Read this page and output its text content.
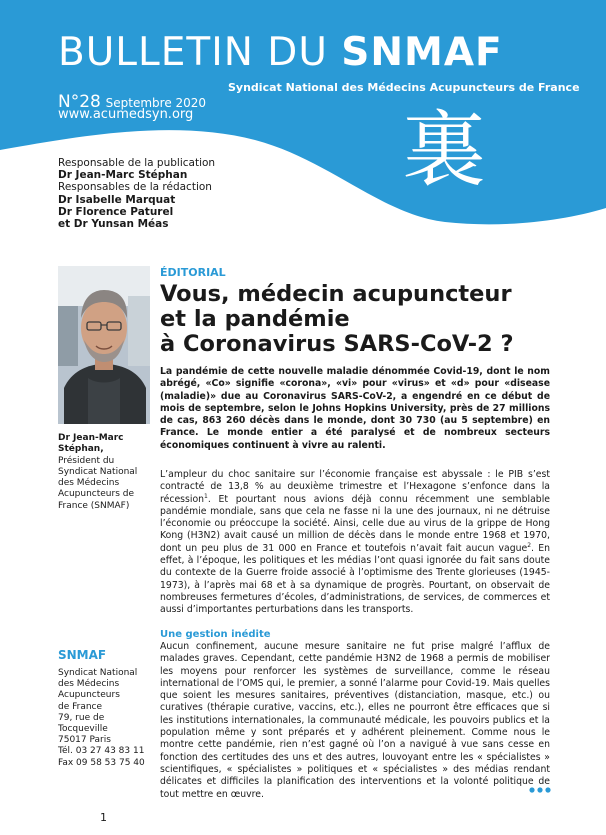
BULLETIN DU SNMAF
Syndicat National des Médecins Acupuncteurs de France
N°28 Septembre 2020
www.acumedsyn.org 裏
Responsable de la publication
Dr Jean-Marc Stéphan
Responsables de la rédaction
Dr Isabelle Marquat
Dr Florence Paturel
et Dr Yunsan Méas
Dr Jean-Marc Stéphan,
Président du Syndicat National des Médecins Acupuncteurs de France (SNMAF)
SNMAF
Syndicat National
des Médecins
Acupuncteurs
de France
79, rue de
Tocqueville
75017 Paris
Tél. 03 27 43 83 11
Fax 09 58 53 75 40
ÉDITORIAL
Vous, médecin acupuncteur
et la pandémie
à Coronavirus SARS-CoV-2 ?
La pandémie de cette nouvelle maladie dénommée Covid-19, dont le nom abrégé, «Co» signifie «corona», «vi» pour «virus» et «d» pour «disease (maladie)» due au Coronavirus SARS-CoV-2, a engendré en ce début de mois de septembre, selon le Johns Hopkins University, près de 27 millions de cas, 863 260 décès dans le monde, dont 30 730 (au 5 septembre) en France. Le monde entier a été paralysé et de nombreux secteurs économiques continuent à vivre au ralenti.
L’ampleur du choc sanitaire sur l’économie française est abyssale : le PIB s’est contracté de 13,8 % au deuxième trimestre et l’Hexagone s’enfonce dans la récession$^1$. Et pourtant nous avions déjà connu récemment une semblable pandémie mondiale, sans que cela ne fasse ni la une des journaux, ni ne détruise l’économie ou préoccupe la société. Ainsi, celle due au virus de la grippe de Hong Kong (H3N2) avait causé un million de décès dans le monde entre 1968 et 1970, dont un peu plus de 31 000 en France et toutefois n’avait fait aucun vague$^2$. En effet, à l’époque, les politiques et les médias l’ont quasi ignorée du fait sans doute du contexte de la Guerre froide associé à l’optimisme des Trente glorieuses (1945-1973), à l’après mai 68 et à sa dynamique de progrès. Pourtant, on observait de nombreuses fermetures d’écoles, d’administrations, de services, de commerces et aussi d’importantes perturbations dans les transports.
Une gestion inédite
Aucun confinement, aucune mesure sanitaire ne fut prise malgré l’afflux de malades graves. Cependant, cette pandémie H3N2 de 1968 a permis de mobiliser les moyens pour renforcer les systèmes de surveillance, comme le réseau international de l’OMS qui, le premier, a sonné l’alarme pour Covid-19. Mais quelles que soient les mesures sanitaires, préventives (distanciation, masque, etc.) ou curatives (thérapie curative, vaccins, etc.), elles ne pourront être efficaces que si les institutions internationales, la communauté médicale, les pouvoirs publics et la population même y sont préparés et y adhérent pleinement. Comme nous le montre cette pandémie, rien n’est gagné où l’on a navigué à vue sans cesse en fonction des certitudes des uns et des autres, louvoyant entre les « spécialistes » scientifiques, « spécialistes » politiques et « spécialistes » des médias rendant délicates et difficiles la planification des interventions et la volonté politique de tout mettre en œuvre.
1
